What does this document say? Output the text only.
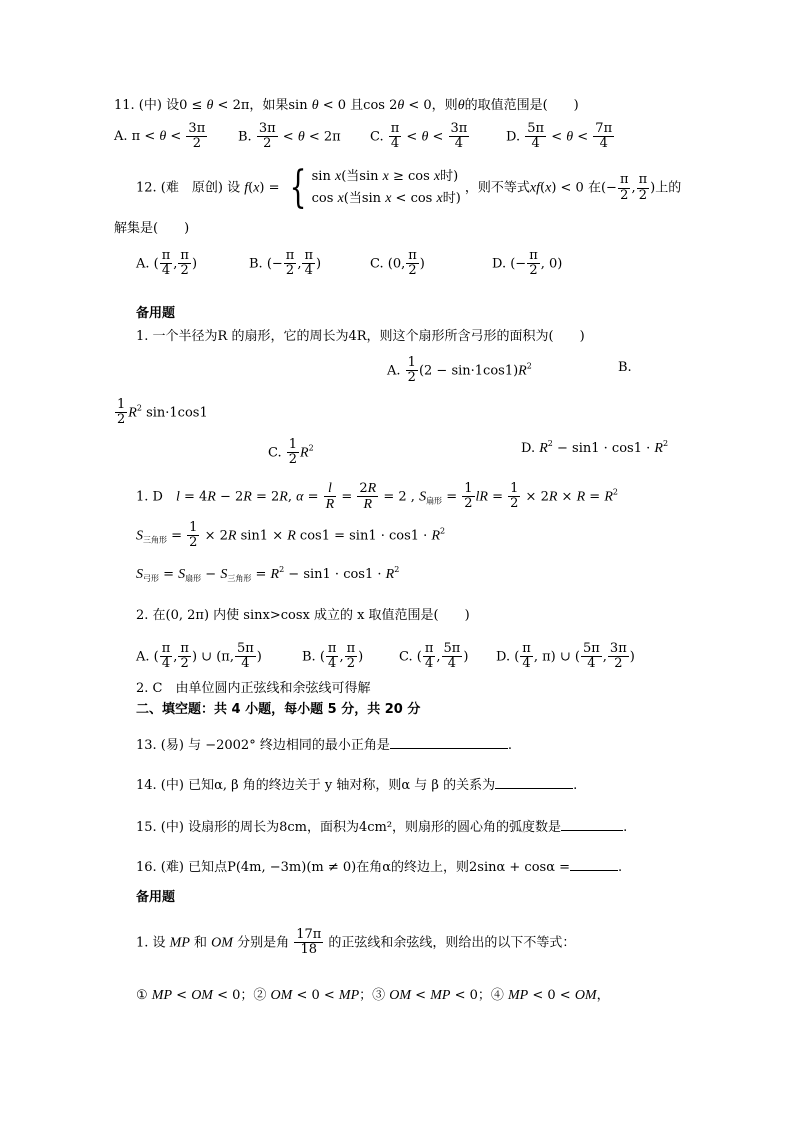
11. (中) 设0 ≤ θ < 2π，如果sin θ < 0 且cos 2θ < 0，则θ的取值范围是(　　)
A. $\pi < \theta < \frac{3\pi}{2} B$. $\frac{3\pi}{2} < \theta < 2\pi$ C. $\frac{\pi}{4} < \theta < \frac{3\pi}{4}$	D. $\frac{5\pi}{4} < \theta < \frac{7\pi}{4}$
12. (难　原创) 设 f(x) = { sin x(当sin x ≥ cos x时)
cos x(当sin x < cos x时) ，则不等式xf(x) < 0 在(− $\frac{\pi}{2}$ , $\frac{\pi}{2}$ )上的
解集是(　　)
A. ( $\frac{\pi}{4}$ , $\frac{\pi}{2}$ )	B. (− $\frac{\pi}{2}$ , $\frac{\pi}{4}$ )	C. (0, $\frac{\pi}{2}$ )	D. (− $\frac{\pi}{2}$ , 0)
备用题
1. 一个半径为R 的扇形，它的周长为4R，则这个扇形所含弓形的面积为(　　)
A. $\frac{1}{2} (2 - \sin\cdot 1\cos 1)R^2$	B.
$\frac{1}{2} R^2$ sin·1cos1
C. $\frac{1}{2} R^2$	D. $R^2 - \sin 1 \cdot \cos 1 \cdot R^2$
1. D　l = 4R − 2R = 2R, $\alpha = \frac{l}{R} = \frac{2R}{R} = 2$ , $S_{扇形} = \frac{1}{2}$ lR = $\frac{1}{2} \times 2R \times R = R^2$
$S_{三角形} = \frac{1}{2} \times 2R$ sin1 × R $\cos 1 = \sin 1 \cdot \cos 1 \cdot R^2$
$S_{弓形} = S_{扇形} - S_{三角形} = R^2 - \sin 1 \cdot \cos 1 \cdot R^2$
2. 在(0, 2π) 内使 sinx>cosx 成立的 x 取值范围是(　　)
A. ( $\frac{\pi}{4}$ , $\frac{\pi}{2}$ ) ∪ (π, $\frac{5\pi}{4}$ )	B. ( $\frac{\pi}{4}$ , $\frac{\pi}{2}$ )	C. ( $\frac{\pi}{4}$ , $\frac{5\pi}{4}$ ) D. ( $\frac{\pi}{4}$ , π) ∪ ( $\frac{5\pi}{4}$ , $\frac{3\pi}{2}$ )
2. C　由单位圆内正弦线和余弦线可得解
二、填空题：共 4 小题，每小题 5 分，共 20 分
13. (易) 与 −2002° 终边相同的最小正角是	.
14. (中) 已知α, β 角的终边关于 y 轴对称，则α 与 β 的关系为	.
15. (中) 设扇形的周长为8cm，面积为4cm²，则扇形的圆心角的弧度数是	.
16. (难) 已知点P(4m, −3m)(m ≠ 0)在角α的终边上，则2sinα + cosα =	.
备用题
1. 设 MP 和 OM 分别是角 $\frac{17\pi}{18}$ 的正弦线和余弦线，则给出的以下不等式：
① MP < OM < 0；② OM < 0 < MP；③ OM < MP < 0；④ MP < 0 < OM，
